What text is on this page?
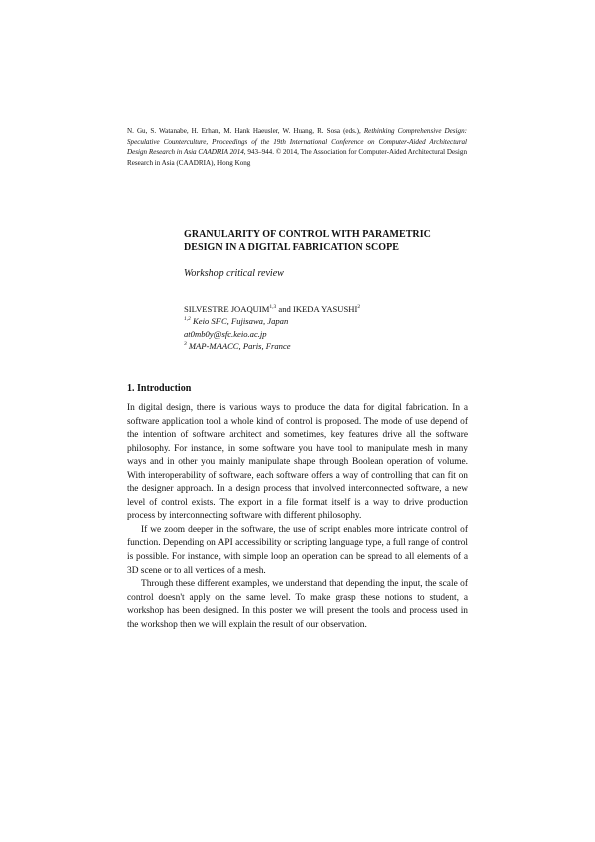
N. Gu, S. Watanabe, H. Erhan, M. Hank Haeusler, W. Huang, R. Sosa (eds.), Rethinking Comprehensive Design: Speculative Counterculture, Proceedings of the 19th International Conference on Computer-Aided Architectural Design Research in Asia CAADRIA 2014, 943–944. © 2014, The Association for Computer-Aided Architectural Design Research in Asia (CAADRIA), Hong Kong
GRANULARITY OF CONTROL WITH PARAMETRIC
DESIGN IN A DIGITAL FABRICATION SCOPE
Workshop critical review
SILVESTRE JOAQUIM$^{1,3}$ and IKEDA YASUSHI$^2$
$^{1,2}$ Keio SFC, Fujisawa, Japan
at0mb0y@sfc.keio.ac.jp
$^3$ MAP-MAACC, Paris, France
1. Introduction

In digital design, there is various ways to produce the data for digital fabrication. In a software application tool a whole kind of control is proposed. The mode of use depend of the intention of software architect and sometimes, key features drive all the software philosophy. For instance, in some software you have tool to manipulate mesh in many ways and in other you mainly manipulate shape through Boolean operation of volume. With interoperability of software, each software offers a way of controlling that can fit on the designer approach. In a design process that involved interconnected software, a new level of control exists. The export in a file format itself is a way to drive production process by interconnecting software with different philosophy.

If we zoom deeper in the software, the use of script enables more intricate control of function. Depending on API accessibility or scripting language type, a full range of control is possible. For instance, with simple loop an operation can be spread to all elements of a 3D scene or to all vertices of a mesh.

Through these different examples, we understand that depending the input, the scale of control doesn't apply on the same level. To make grasp these notions to student, a workshop has been designed. In this poster we will present the tools and process used in the workshop then we will explain the result of our observation.
